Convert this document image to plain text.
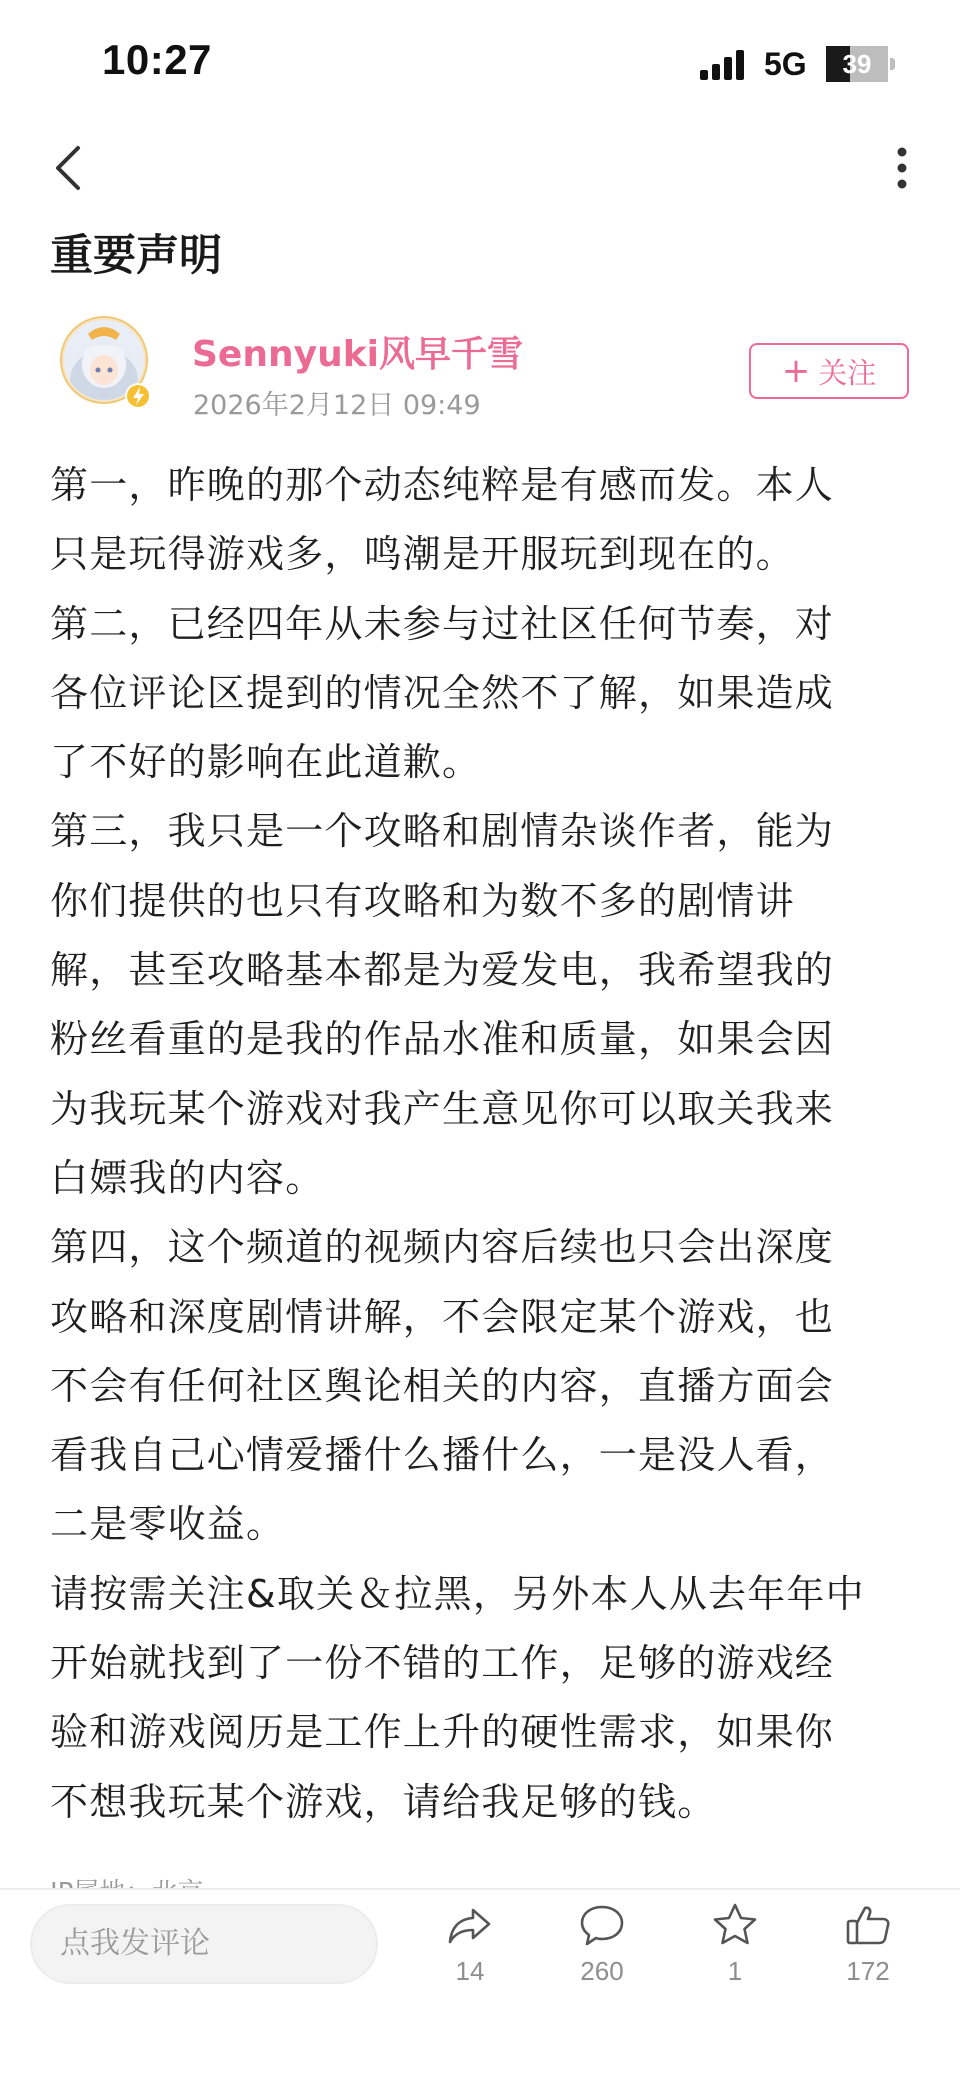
10:27	5G	39
重要声明
Sennyuki风早千雪
2026年2月12日 09:49
+ 关注
第一，昨晚的那个动态纯粹是有感而发。本人
只是玩得游戏多，鸣潮是开服玩到现在的。
第二，已经四年从未参与过社区任何节奏，对
各位评论区提到的情况全然不了解，如果造成
了不好的影响在此道歉。
第三，我只是一个攻略和剧情杂谈作者，能为
你们提供的也只有攻略和为数不多的剧情讲
解，甚至攻略基本都是为爱发电，我希望我的
粉丝看重的是我的作品水准和质量，如果会因
为我玩某个游戏对我产生意见你可以取关我来
白嫖我的内容。
第四，这个频道的视频内容后续也只会出深度
攻略和深度剧情讲解，不会限定某个游戏，也
不会有任何社区舆论相关的内容，直播方面会
看我自己心情爱播什么播什么，一是没人看，
二是零收益。
请按需关注&取关＆拉黑，另外本人从去年年中
开始就找到了一份不错的工作，足够的游戏经
验和游戏阅历是工作上升的硬性需求，如果你
不想我玩某个游戏，请给我足够的钱。
点我发评论
14	260	1	172
